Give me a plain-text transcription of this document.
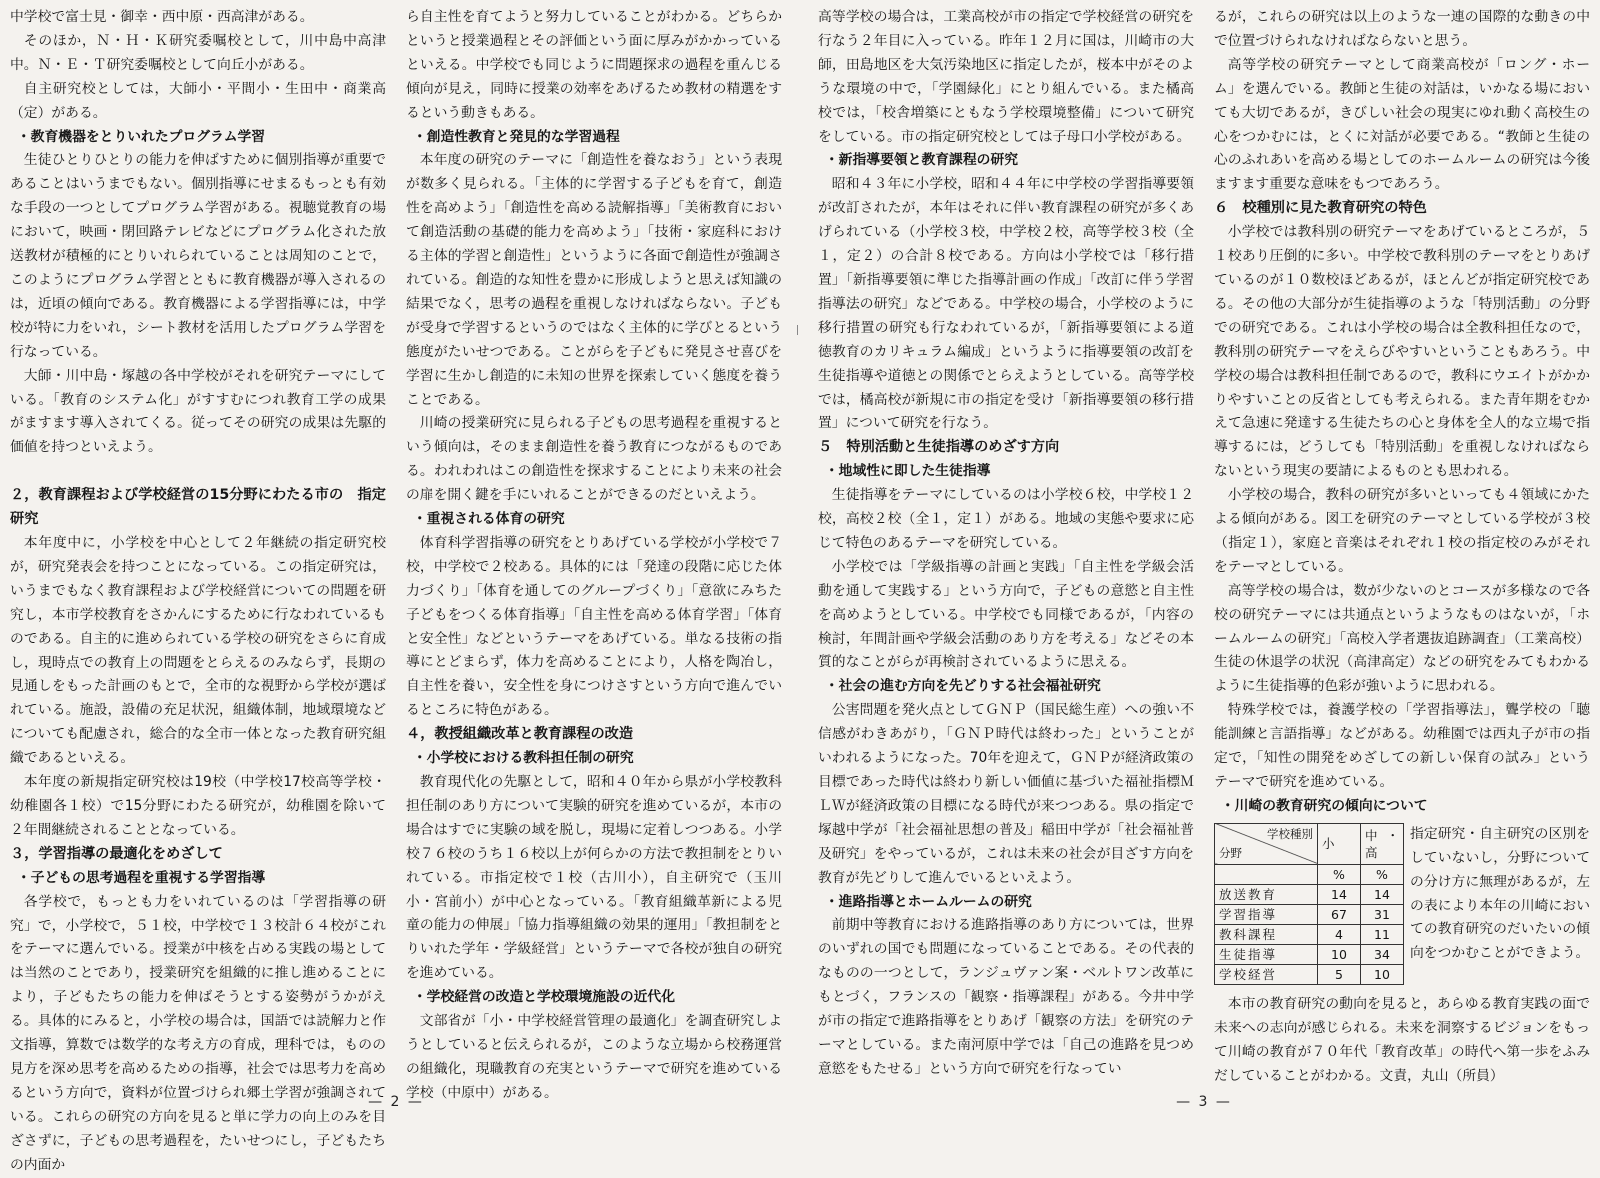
中学校で富士見・御幸・西中原・西高津がある。

そのほか，Ｎ・Ｈ・Ｋ研究委嘱校として，川中島中高津中。Ｎ・Ｅ・Ｔ研究委嘱校として向丘小がある。

自主研究校としては，大師小・平間小・生田中・商業高（定）がある。

・教育機器をとりいれたプログラム学習

生徒ひとりひとりの能力を伸ばすために個別指導が重要であることはいうまでもない。個別指導にせまるもっとも有効な手段の一つとしてプログラム学習がある。視聴覚教育の場において，映画・閉回路テレビなどにプログラム化された放送教材が積極的にとりいれられていることは周知のことで，このようにプログラム学習とともに教育機器が導入されるのは，近頃の傾向である。教育機器による学習指導には，中学校が特に力をいれ，シート教材を活用したプログラム学習を行なっている。

大師・川中島・塚越の各中学校がそれを研究テーマにしている。「教育のシステム化」がすすむにつれ教育工学の成果がますます導入されてくる。従ってその研究の成果は先駆的価値を持つといえよう。

２，教育課程および学校経営の15分野にわたる市の　指定研究

本年度中に，小学校を中心として２年継続の指定研究校が，研究発表会を持つことになっている。この指定研究は，いうまでもなく教育課程および学校経営についての問題を研究し，本市学校教育をさかんにするために行なわれているものである。自主的に進められている学校の研究をさらに育成し，現時点での教育上の問題をとらえるのみならず，長期の見通しをもった計画のもとで，全市的な視野から学校が選ばれている。施設，設備の充足状況，組織体制，地域環境などについても配慮され，総合的な全市一体となった教育研究組織であるといえる。

本年度の新規指定研究校は19校（中学校17校高等学校・幼稚園各１校）で15分野にわたる研究が，幼稚園を除いて２年間継続されることとなっている。

３，学習指導の最適化をめざして
・子どもの思考過程を重視する学習指導

各学校で，もっとも力をいれているのは「学習指導の研究」で，小学校で，５１校，中学校で１３校計６４校がこれをテーマに選んでいる。授業が中核を占める実践の場としては当然のことであり，授業研究を組織的に推し進めることにより，子どもたちの能力を伸ばそうとする姿勢がうかがえる。具体的にみると，小学校の場合は，国語では読解力と作文指導，算数では数学的な考え方の育成，理科では，ものの見方を深め思考を高めるための指導，社会では思考力を高めるという方向で，資料が位置づけられ郷土学習が強調されている。これらの研究の方向を見ると単に学力の向上のみを目ざさずに，子どもの思考過程を，たいせつにし，子どもたちの内面か

ら自主性を育てようと努力していることがわかる。どちらかというと授業過程とその評価という面に厚みがかかっているといえる。中学校でも同じように問題探求の過程を重んじる傾向が見え，同時に授業の効率をあげるため教材の精選をするという動きもある。

・創造性教育と発見的な学習過程

本年度の研究のテーマに「創造性を養なおう」という表現が数多く見られる。「主体的に学習する子どもを育て，創造性を高めよう」「創造性を高める読解指導」「美術教育において創造活動の基礎的能力を高めよう」「技術・家庭科における主体的学習と創造性」というように各面で創造性が強調されている。創造的な知性を豊かに形成しようと思えば知識の結果でなく，思考の過程を重視しなければならない。子どもが受身で学習するというのではなく主体的に学びとるという態度がたいせつである。ことがらを子どもに発見させ喜びを学習に生かし創造的に未知の世界を探索していく態度を養うことである。

川崎の授業研究に見られる子どもの思考過程を重視するという傾向は，そのまま創造性を養う教育につながるものである。われわれはこの創造性を探求することにより未来の社会の扉を開く鍵を手にいれることができるのだといえよう。

・重視される体育の研究

体育科学習指導の研究をとりあげている学校が小学校で７校，中学校で２校ある。具体的には「発達の段階に応じた体力づくり」「体育を通してのグループづくり」「意欲にみちた子どもをつくる体育指導」「自主性を高める体育学習」「体育と安全性」などというテーマをあげている。単なる技術の指導にとどまらず，体力を高めることにより，人格を陶冶し，自主性を養い，安全性を身につけさすという方向で進んでいるところに特色がある。

４，教授組織改革と教育課程の改造
・小学校における教科担任制の研究

教育現代化の先駆として，昭和４０年から県が小学校教科担任制のあり方について実験的研究を進めているが，本市の場合はすでに実験の域を脱し，現場に定着しつつある。小学校７６校のうち１６校以上が何らかの方法で教担制をとりいれている。市指定校で１校（古川小），自主研究で（玉川小・宮前小）が中心となっている。「教育組織革新による児童の能力の伸展」「協力指導組織の効果的運用」「教担制をとりいれた学年・学級経営」というテーマで各校が独自の研究を進めている。

・学校経営の改造と学校環境施設の近代化

文部省が「小・中学校経営管理の最適化」を調査研究しようとしていると伝えられるが，このような立場から校務運営の組織化，現職教育の充実というテーマで研究を進めている学校（中原中）がある。

— 2 —

高等学校の場合は，工業高校が市の指定で学校経営の研究を行なう２年目に入っている。昨年１２月に国は，川崎市の大師，田島地区を大気汚染地区に指定したが，桜本中がそのような環境の中で，「学園緑化」にとり組んでいる。また橘高校では，「校舎増築にともなう学校環境整備」について研究をしている。市の指定研究校としては子母口小学校がある。

・新指導要領と教育課程の研究

昭和４３年に小学校，昭和４４年に中学校の学習指導要領が改訂されたが，本年はそれに伴い教育課程の研究が多くあげられている（小学校３校，中学校２校，高等学校３校（全１，定２）の合計８校である。方向は小学校では「移行措置」「新指導要領に準じた指導計画の作成」「改訂に伴う学習指導法の研究」などである。中学校の場合，小学校のように移行措置の研究も行なわれているが，「新指導要領による道徳教育のカリキュラム編成」というように指導要領の改訂を生徒指導や道徳との関係でとらえようとしている。高等学校では，橘高校が新規に市の指定を受け「新指導要領の移行措置」について研究を行なう。

５　特別活動と生徒指導のめざす方向
・地域性に即した生徒指導

生徒指導をテーマにしているのは小学校６校，中学校１２校，高校２校（全１，定１）がある。地域の実態や要求に応じて特色のあるテーマを研究している。

小学校では「学級指導の計画と実践」「自主性を学級会活動を通して実践する」という方向で，子どもの意慾と自主性を高めようとしている。中学校でも同様であるが，「内容の検討，年間計画や学級会活動のあり方を考える」などその本質的なことがらが再検討されているように思える。

・社会の進む方向を先どりする社会福祉研究

公害問題を発火点としてＧＮＰ（国民総生産）への強い不信感がわきあがり，「ＧＮＰ時代は終わった」ということがいわれるようになった。70年を迎えて，ＧＮＰが経済政策の目標であった時代は終わり新しい価値に基づいた福祉指標ＭＬＷが経済政策の目標になる時代が来つつある。県の指定で塚越中学が「社会福祉思想の普及」稲田中学が「社会福祉普及研究」をやっているが，これは未来の社会が目ざす方向を教育が先どりして進んでいるといえよう。

・進路指導とホームルームの研究

前期中等教育における進路指導のあり方については，世界のいずれの国でも問題になっていることである。その代表的なものの一つとして，ランジュヴァン案・ベルトワン改革にもとづく，フランスの「観察・指導課程」がある。今井中学が市の指定で進路指導をとりあげ「観察の方法」を研究のテーマとしている。また南河原中学では「自己の進路を見つめ意慾をもたせる」という方向で研究を行なってい

るが，これらの研究は以上のような一連の国際的な動きの中で位置づけられなければならないと思う。

高等学校の研究テーマとして商業高校が「ロング・ホーム」を選んでいる。教師と生徒の対話は，いかなる場においても大切であるが，きびしい社会の現実にゆれ動く高校生の心をつかむには，とくに対話が必要である。“教師と生徒の心のふれあいを高める場としてのホームルームの研究は今後ますます重要な意味をもつであろう。

６　校種別に見た教育研究の特色

小学校では教科別の研究テーマをあげているところが，５１校あり圧倒的に多い。中学校で教科別のテーマをとりあげているのが１０数校ほどあるが，ほとんどが指定研究校である。その他の大部分が生徒指導のような「特別活動」の分野での研究である。これは小学校の場合は全教科担任なので，教科別の研究テーマをえらびやすいということもあろう。中学校の場合は教科担任制であるので，教科にウエイトがかかりやすいことの反省としても考えられる。また青年期をむかえて急速に発達する生徒たちの心と身体を全人的な立場で指導するには，どうしても「特別活動」を重視しなければならないという現実の要請によるものとも思われる。

小学校の場合，教科の研究が多いといっても４領域にかたよる傾向がある。図工を研究のテーマとしている学校が３校（指定１），家庭と音楽はそれぞれ１校の指定校のみがそれをテーマとしている。

高等学校の場合は，数が少ないのとコースが多様なので各校の研究テーマには共通点というようなものはないが，「ホームルームの研究」「高校入学者選抜追跡調査」（工業高校）生徒の休退学の状況（高津高定）などの研究をみてもわかるように生徒指導的色彩が強いように思われる。

特殊学校では，養護学校の「学習指導法」，聾学校の「聴能訓練と言語指導」などがある。幼稚園では西丸子が市の指定で，「知性の開発をめざしての新しい保育の試み」というテーマで研究を進めている。

・川崎の教育研究の傾向について
学校種別
分野	小	中・高
	%	%
放送教育	14	14
学習指導	67	31
教科課程	4	11
生徒指導	10	34
学校経営	5	10
指定研究・自主研究の区別をしていないし，分野についての分け方に無理があるが，左の表により本年の川崎においての教育研究のだいたいの傾向をつかむことができよう。

本市の教育研究の動向を見ると，あらゆる教育実践の面で未来への志向が感じられる。未来を洞察するビジョンをもって川崎の教育が７０年代「教育改革」の時代へ第一歩をふみだしていることがわかる。文責，丸山（所員）

— 3 —
